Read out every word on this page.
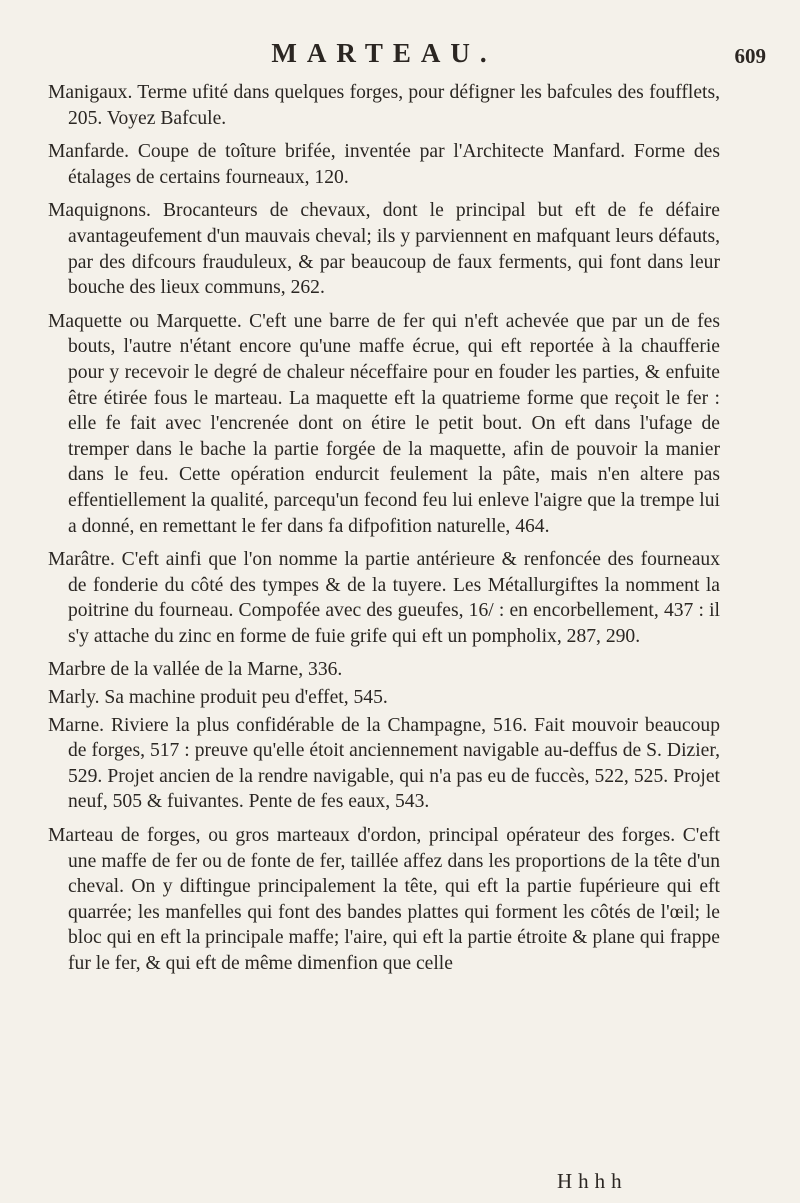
MARTEAU.	609

Manigaux. Terme ufité dans quelques forges, pour défigner les bafcules des foufflets, 205. Voyez Bafcule.

Manfarde. Coupe de toîture brifée, inventée par l'Architecte Manfard. Forme des étalages de certains fourneaux, 120.

Maquignons. Brocanteurs de chevaux, dont le principal but eft de fe défaire avantageufement d'un mauvais cheval; ils y parviennent en mafquant leurs défauts, par des difcours frauduleux, & par beaucoup de faux ferments, qui font dans leur bouche des lieux communs, 262.

Maquette ou Marquette. C'eft une barre de fer qui n'eft achevée que par un de fes bouts, l'autre n'étant encore qu'une maffe écrue, qui eft reportée à la chaufferie pour y recevoir le degré de chaleur néceffaire pour en fouder les parties, & enfuite être étirée fous le marteau. La maquette eft la quatrieme forme que reçoit le fer : elle fe fait avec l'encrenée dont on étire le petit bout. On eft dans l'ufage de tremper dans le bache la partie forgée de la maquette, afin de pouvoir la manier dans le feu. Cette opération endurcit feulement la pâte, mais n'en altere pas effentiellement la qualité, parcequ'un fecond feu lui enleve l'aigre que la trempe lui a donné, en remettant le fer dans fa difpofition naturelle, 464.

Marâtre. C'eft ainfi que l'on nomme la partie antérieure & renfoncée des fourneaux de fonderie du côté des tympes & de la tuyere. Les Métallurgiftes la nomment la poitrine du fourneau. Compofée avec des gueufes, 16/ : en encorbellement, 437 : il s'y attache du zinc en forme de fuie grife qui eft un pompholix, 287, 290.

Marbre de la vallée de la Marne, 336.

Marly. Sa machine produit peu d'effet, 545.

Marne. Riviere la plus confidérable de la Champagne, 516. Fait mouvoir beaucoup de forges, 517 : preuve qu'elle étoit anciennement navigable au-deffus de S. Dizier, 529. Projet ancien de la rendre navigable, qui n'a pas eu de fuccès, 522, 525. Projet neuf, 505 & fuivantes. Pente de fes eaux, 543.

Marteau de forges, ou gros marteaux d'ordon, principal opérateur des forges. C'eft une maffe de fer ou de fonte de fer, taillée affez dans les proportions de la tête d'un cheval. On y diftingue principalement la tête, qui eft la partie fupérieure qui eft quarrée; les manfelles qui font des bandes plattes qui forment les côtés de l'œil; le bloc qui en eft la principale maffe; l'aire, qui eft la partie étroite & plane qui frappe fur le fer, & qui eft de même dimenfion que celle

Hhhh
